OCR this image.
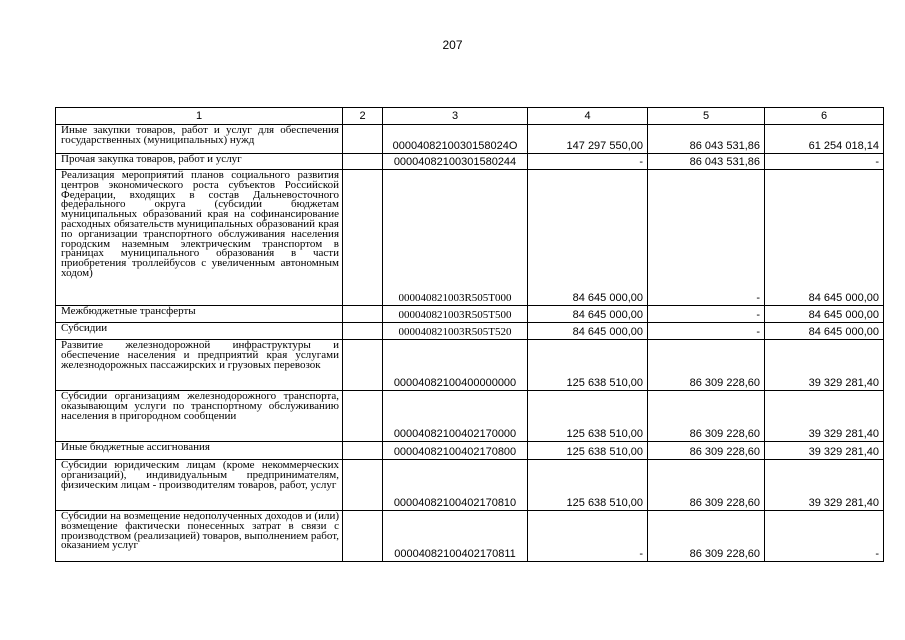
207
1	2	3	4	5	6
Иные закупки товаров, работ и услуг для обеспечения государственных (муниципальных) нужд		0000408210030158024О	147 297 550,00	86 043 531,86	61 254 018,14
Прочая закупка товаров, работ и услуг		00004082100301580244	-	86 043 531,86	-
Реализация мероприятий планов социального развития центров экономического роста субъектов Российской Федерации, входящих в состав Дальневосточного федерального округа (субсидии бюджетам муниципальных образований края на софинансирование расходных обязательств муниципальных образований края по организации транспортного обслуживания населения городским наземным электрическим транспортом в границах муниципального образования в части приобретения троллейбусов с увеличенным автономным ходом)		000040821003R505T000	84 645 000,00	-	84 645 000,00
Межбюджетные трансферты		000040821003R505T500	84 645 000,00	-	84 645 000,00
Субсидии		000040821003R505T520	84 645 000,00	-	84 645 000,00
Развитие железнодорожной инфраструктуры и обеспечение населения и предприятий края услугами железнодорожных пассажирских и грузовых перевозок		00004082100400000000	125 638 510,00	86 309 228,60	39 329 281,40
Субсидии организациям железнодорожного транспорта, оказывающим услуги по транспортному обслуживанию населения в пригородном сообщении		00004082100402170000	125 638 510,00	86 309 228,60	39 329 281,40
Иные бюджетные ассигнования		00004082100402170800	125 638 510,00	86 309 228,60	39 329 281,40
Субсидии юридическим лицам (кроме некоммерческих организаций), индивидуальным предпринимателям, физическим лицам - производителям товаров, работ, услуг		00004082100402170810	125 638 510,00	86 309 228,60	39 329 281,40
Субсидии на возмещение недополученных доходов и (или) возмещение фактически понесенных затрат в связи с производством (реализацией) товаров, выполнением работ, оказанием услуг		00004082100402170811	-	86 309 228,60	-
